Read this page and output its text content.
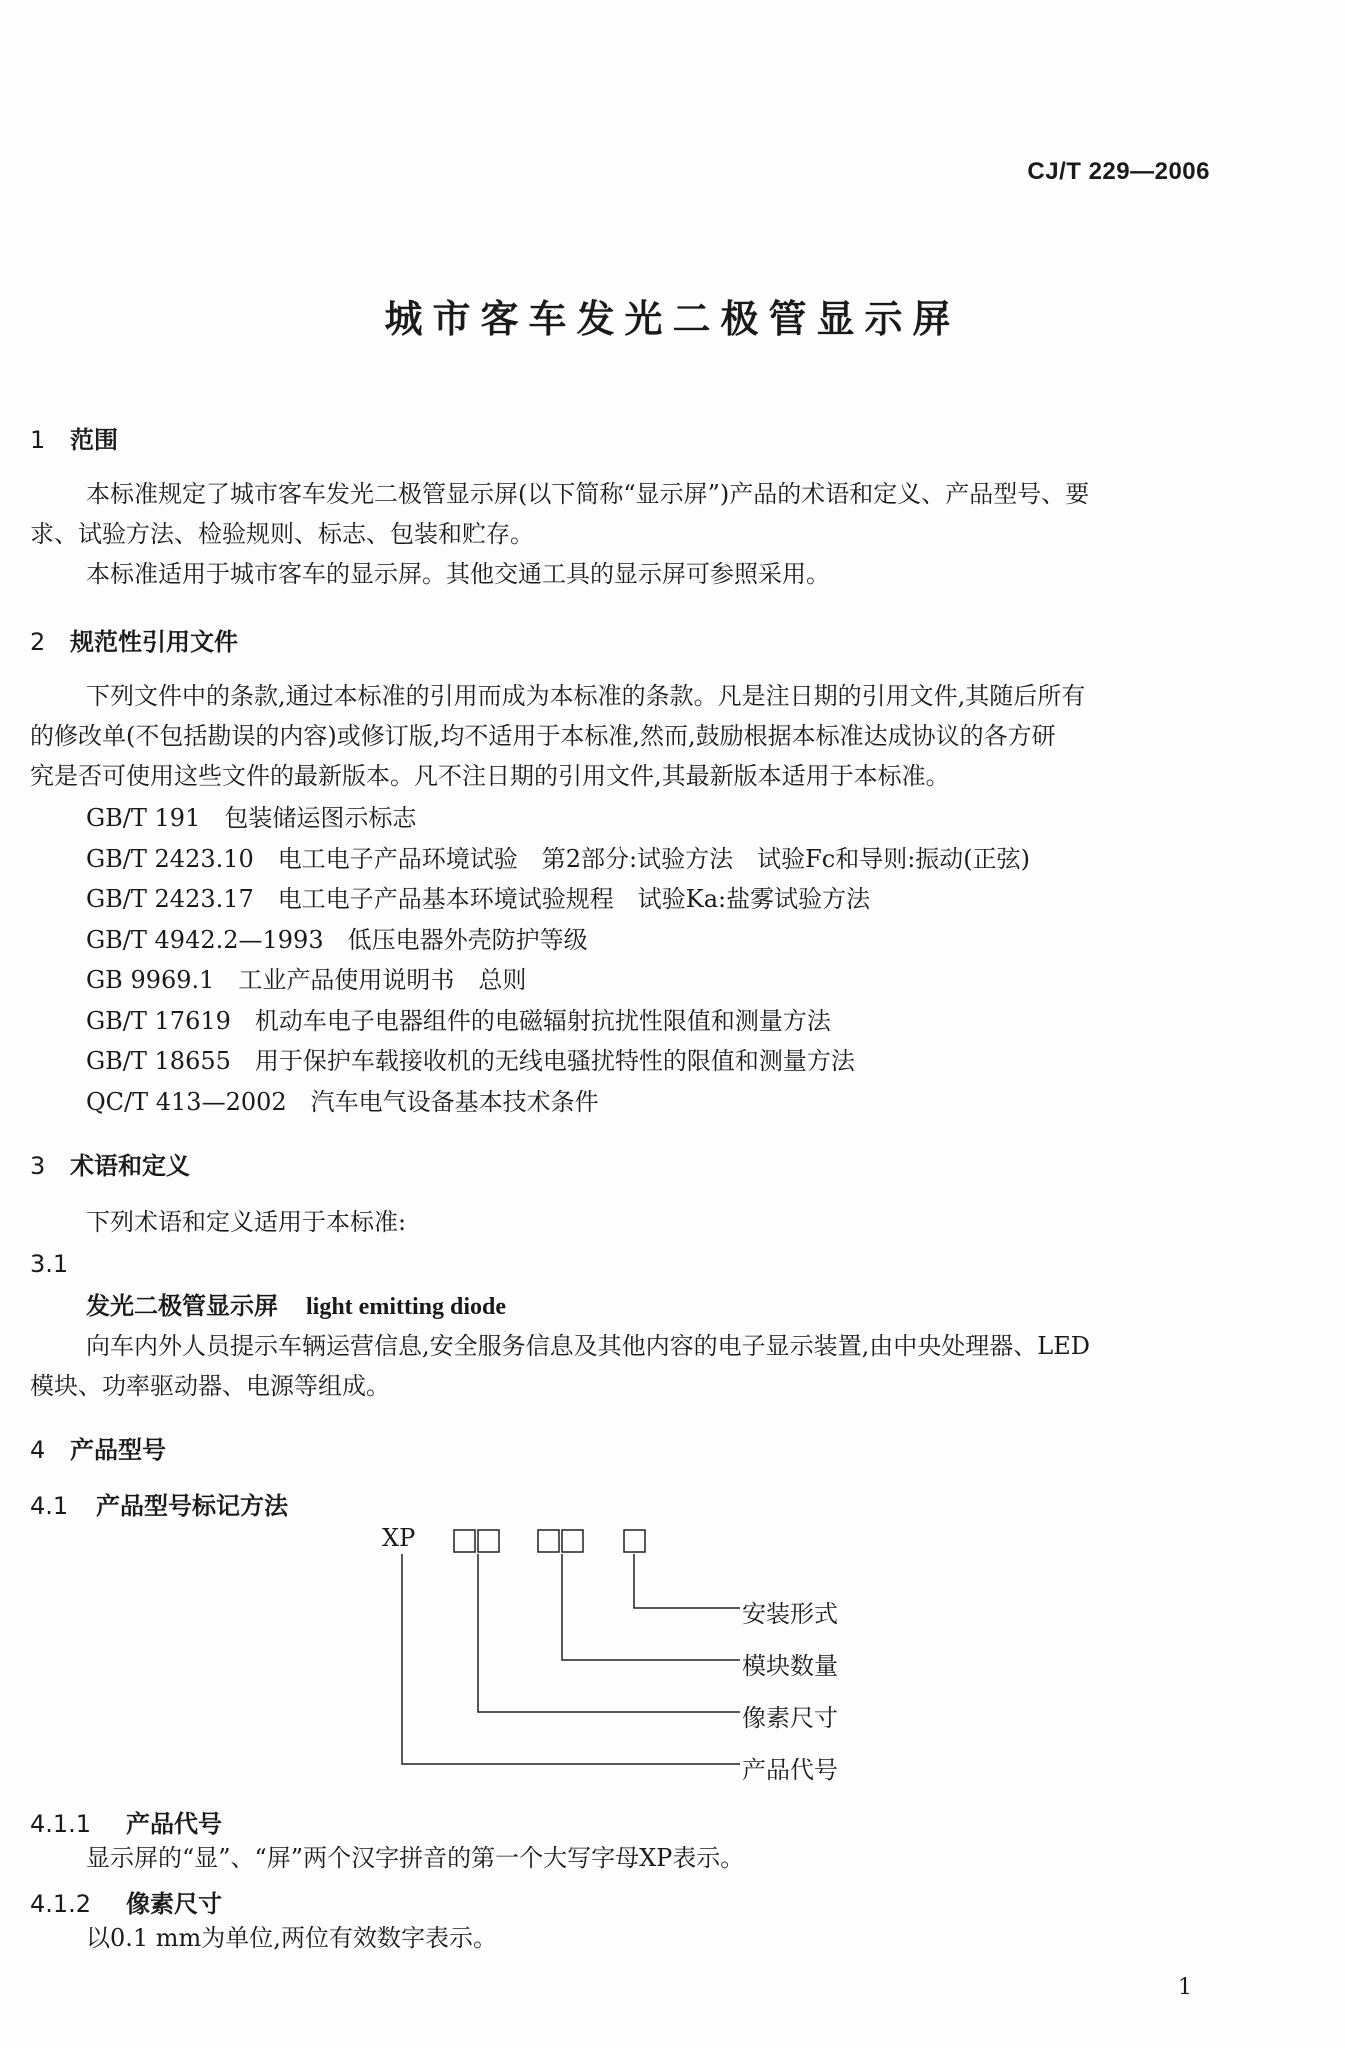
CJ/T 229—2006
城市客车发光二极管显示屏
1 范围

本标准规定了城市客车发光二极管显示屏(以下简称“显示屏”)产品的术语和定义、产品型号、要

求、试验方法、检验规则、标志、包装和贮存。

本标准适用于城市客车的显示屏。其他交通工具的显示屏可参照采用。

2 规范性引用文件

下列文件中的条款,通过本标准的引用而成为本标准的条款。凡是注日期的引用文件,其随后所有

的修改单(不包括勘误的内容)或修订版,均不适用于本标准,然而,鼓励根据本标准达成协议的各方研

究是否可使用这些文件的最新版本。凡不注日期的引用文件,其最新版本适用于本标准。

GB/T 191　包装储运图示标志
GB/T 2423.10　电工电子产品环境试验　第2部分:试验方法　试验Fc和导则:振动(正弦)
GB/T 2423.17　电工电子产品基本环境试验规程　试验Ka:盐雾试验方法
GB/T 4942.2—1993　低压电器外壳防护等级
GB 9969.1　工业产品使用说明书　总则
GB/T 17619　机动车电子电器组件的电磁辐射抗扰性限值和测量方法
GB/T 18655　用于保护车载接收机的无线电骚扰特性的限值和测量方法
QC/T 413—2002　汽车电气设备基本技术条件
3 术语和定义
下列术语和定义适用于本标准:
3.1
发光二极管显示屏 light emitting diode

向车内外人员提示车辆运营信息,安全服务信息及其他内容的电子显示装置,由中央处理器、LED

模块、功率驱动器、电源等组成。

4 产品型号
4.1 产品型号标记方法
XP
安装形式
模块数量
像素尺寸
产品代号
4.1.1 产品代号
显示屏的“显”、“屏”两个汉字拼音的第一个大写字母XP表示。
4.1.2 像素尺寸
以0.1 mm为单位,两位有效数字表示。
1
